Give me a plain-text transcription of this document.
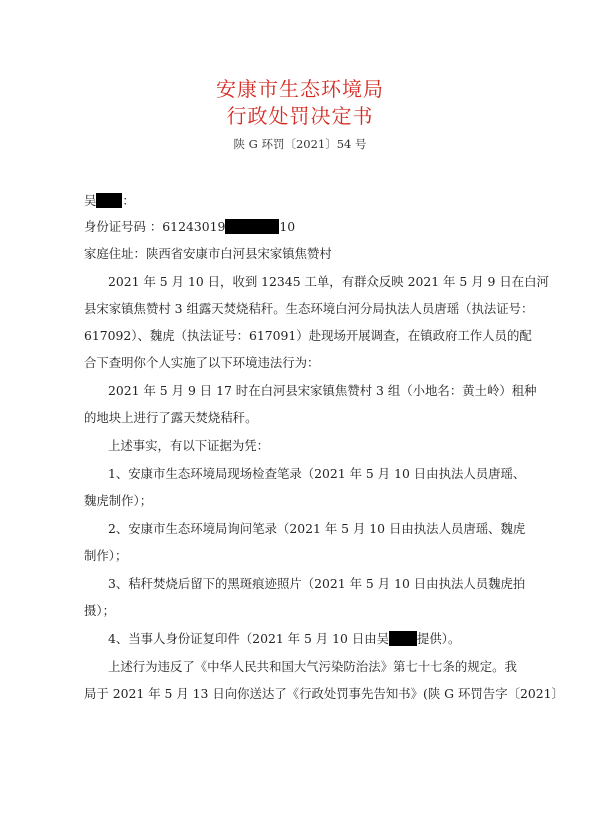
安康市生态环境局
行政处罚决定书
陕 G 环罚〔2021〕54 号
吴 ：
身份证号码 ：61243019	10
家庭住址：陕西省安康市白河县宋家镇焦赞村
2021 年 5 月 10 日，收到 12345 工单，有群众反映 2021 年 5 月 9 日在白河
县宋家镇焦赞村 3 组露天焚烧秸秆。生态环境白河分局执法人员唐瑶（执法证号：
617092）、魏虎（执法证号：617091）赴现场开展调查，在镇政府工作人员的配
合下查明你个人实施了以下环境违法行为：
2021 年 5 月 9 日 17 时在白河县宋家镇焦赞村 3 组（小地名：黄土岭）租种
的地块上进行了露天焚烧秸秆。
上述事实，有以下证据为凭：
1、安康市生态环境局现场检查笔录（2021 年 5 月 10 日由执法人员唐瑶、
魏虎制作）；
2、安康市生态环境局询问笔录（2021 年 5 月 10 日由执法人员唐瑶、魏虎
制作）；
3、秸秆焚烧后留下的黑斑痕迹照片（2021 年 5 月 10 日由执法人员魏虎拍
摄）；
4、当事人身份证复印件（2021 年 5 月 10 日由吴 提供）。
上述行为违反了《中华人民共和国大气污染防治法》第七十七条的规定。我
局于 2021 年 5 月 13 日向你送达了《行政处罚事先告知书》(陕 G 环罚告字〔2021〕
